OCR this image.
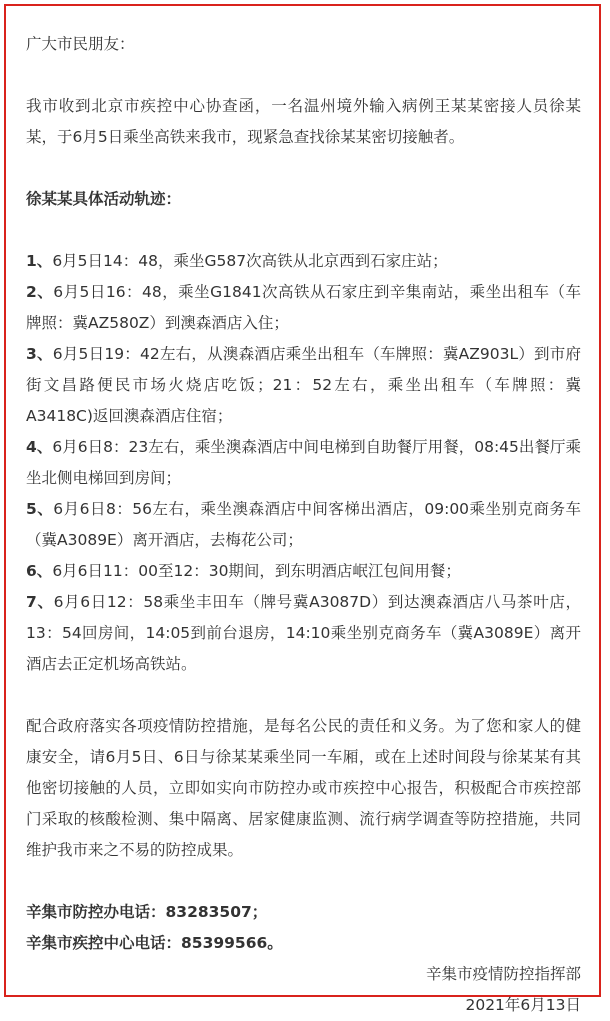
广大市民朋友：

我市收到北京市疾控中心协查函，一名温州境外输入病例王某某密接人员徐某某，于6月5日乘坐高铁来我市，现紧急查找徐某某密切接触者。

徐某某具体活动轨迹：

1、6月5日14：48，乘坐G587次高铁从北京西到石家庄站；

2、6月5日16：48，乘坐G1841次高铁从石家庄到辛集南站，乘坐出租车（车牌照：冀AZ580Z）到澳森酒店入住；

3、6月5日19：42左右，从澳森酒店乘坐出租车（车牌照：冀AZ903L）到市府街文昌路便民市场火烧店吃饭；21：52左右，乘坐出租车（车牌照：冀A3418C)返回澳森酒店住宿；

4、6月6日8：23左右，乘坐澳森酒店中间电梯到自助餐厅用餐，08:45出餐厅乘坐北侧电梯回到房间；

5、6月6日8：56左右，乘坐澳森酒店中间客梯出酒店，09:00乘坐别克商务车（冀A3089E）离开酒店，去梅花公司；

6、6月6日11：00至12：30期间，到东明酒店岷江包间用餐；

7、6月6日12：58乘坐丰田车（牌号冀A3087D）到达澳森酒店八马茶叶店，13：54回房间，14:05到前台退房，14:10乘坐别克商务车（冀A3089E）离开酒店去正定机场高铁站。

配合政府落实各项疫情防控措施，是每名公民的责任和义务。为了您和家人的健康安全，请6月5日、6日与徐某某乘坐同一车厢，或在上述时间段与徐某某有其他密切接触的人员，立即如实向市防控办或市疾控中心报告，积极配合市疾控部门采取的核酸检测、集中隔离、居家健康监测、流行病学调查等防控措施，共同维护我市来之不易的防控成果。

辛集市防控办电话：83283507；

辛集市疾控中心电话：85399566。

辛集市疫情防控指挥部

2021年6月13日
